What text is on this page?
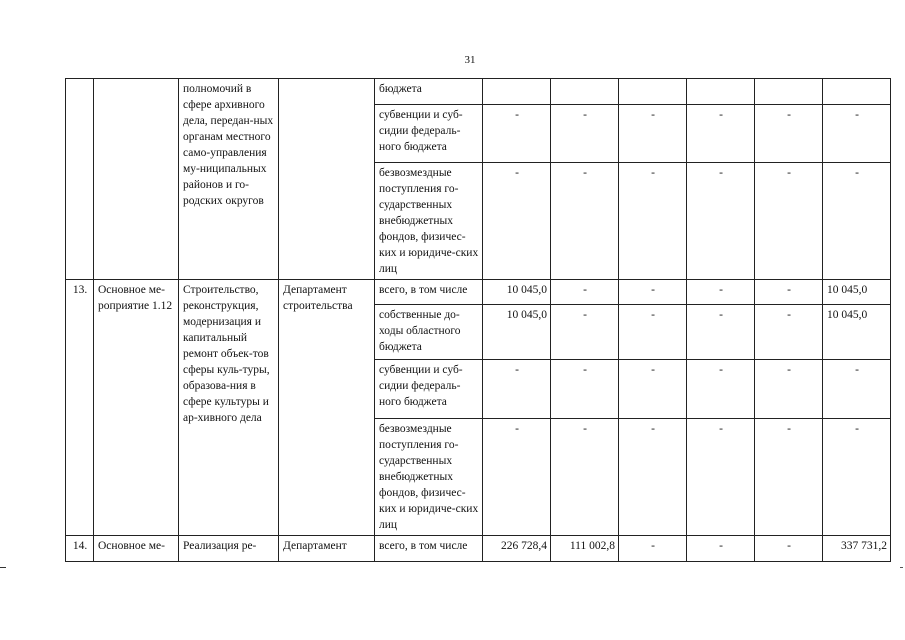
31
		полномочий в сфере архивного дела, передан-ных органам местного само-управления му-ниципальных районов и го-родских округов		бюджета						
				субвенции и суб-сидии федераль-ного бюджета	-	-	-	-	-	-
				безвозмездные поступления го-сударственных внебюджетных фондов, физичес-ких и юридиче-ских лиц	-	-	-	-	-	-
13.	Основное ме-роприятие 1.12	Строительство, реконструкция, модернизация и капитальный ремонт объек-тов сферы куль-туры, образова-ния в сфере культуры и ар-хивного дела	Департамент строительства	всего, в том числе	10 045,0	-	-	-	-	10 045,0
				собственные до-ходы областного бюджета	10 045,0	-	-	-	-	10 045,0
				субвенции и суб-сидии федераль-ного бюджета	-	-	-	-	-	-
				безвозмездные поступления го-сударственных внебюджетных фондов, физичес-ких и юридиче-ских лиц	-	-	-	-	-	-
14.	Основное ме-	Реализация ре-	Департамент	всего, в том числе	226 728,4	111 002,8	-	-	-	337 731,2
